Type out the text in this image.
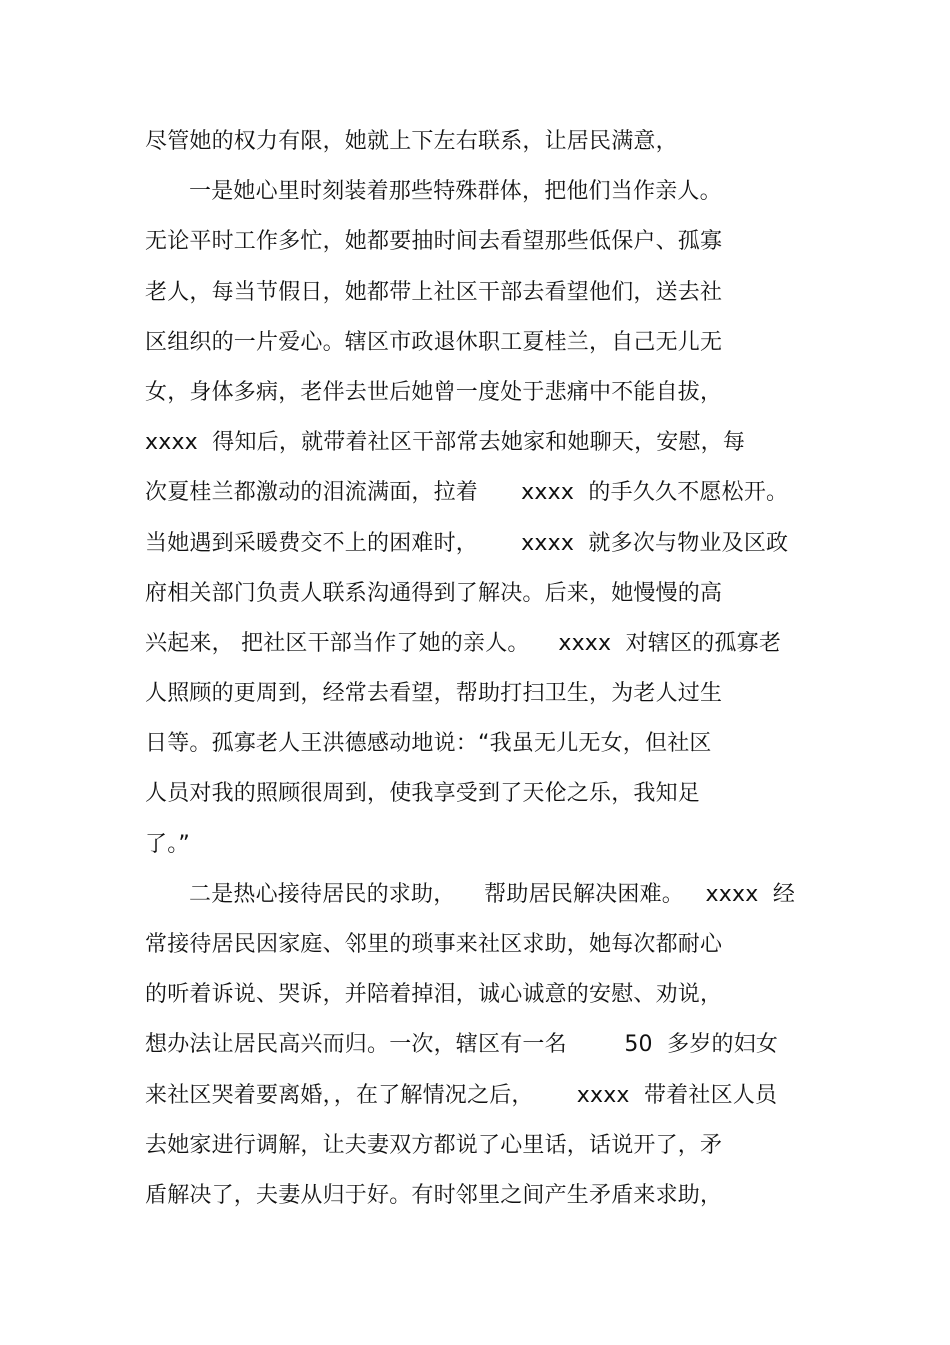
尽管她的权力有限，她就上下左右联系，让居民满意，
一是她心里时刻装着那些特殊群体，把他们当作亲人。
无论平时工作多忙，她都要抽时间去看望那些低保户、孤寡
老人，每当节假日，她都带上社区干部去看望他们，送去社
区组织的一片爱心。辖区市政退休职工夏桂兰，自己无儿无
女，身体多病，老伴去世后她曾一度处于悲痛中不能自拔，
xxxx  得知后，就带着社区干部常去她家和她聊天，安慰，每
次夏桂兰都激动的泪流满面，拉着      xxxx  的手久久不愿松开。
当她遇到采暖费交不上的困难时，      xxxx  就多次与物业及区政
府相关部门负责人联系沟通得到了解决。后来，她慢慢的高
兴起来， 把社区干部当作了她的亲人。    xxxx  对辖区的孤寡老
人照顾的更周到，经常去看望，帮助打扫卫生，为老人过生
日等。孤寡老人王洪德感动地说：“我虽无儿无女，但社区
人员对我的照顾很周到，使我享受到了天伦之乐，我知足
了。”
二是热心接待居民的求助，    帮助居民解决困难。   xxxx  经
常接待居民因家庭、邻里的琐事来社区求助，她每次都耐心
的听着诉说、哭诉，并陪着掉泪，诚心诚意的安慰、劝说，
想办法让居民高兴而归。一次，辖区有一名        50  多岁的妇女
来社区哭着要离婚，，在了解情况之后，      xxxx  带着社区人员
去她家进行调解，让夫妻双方都说了心里话，话说开了，矛
盾解决了，夫妻从归于好。有时邻里之间产生矛盾来求助，
